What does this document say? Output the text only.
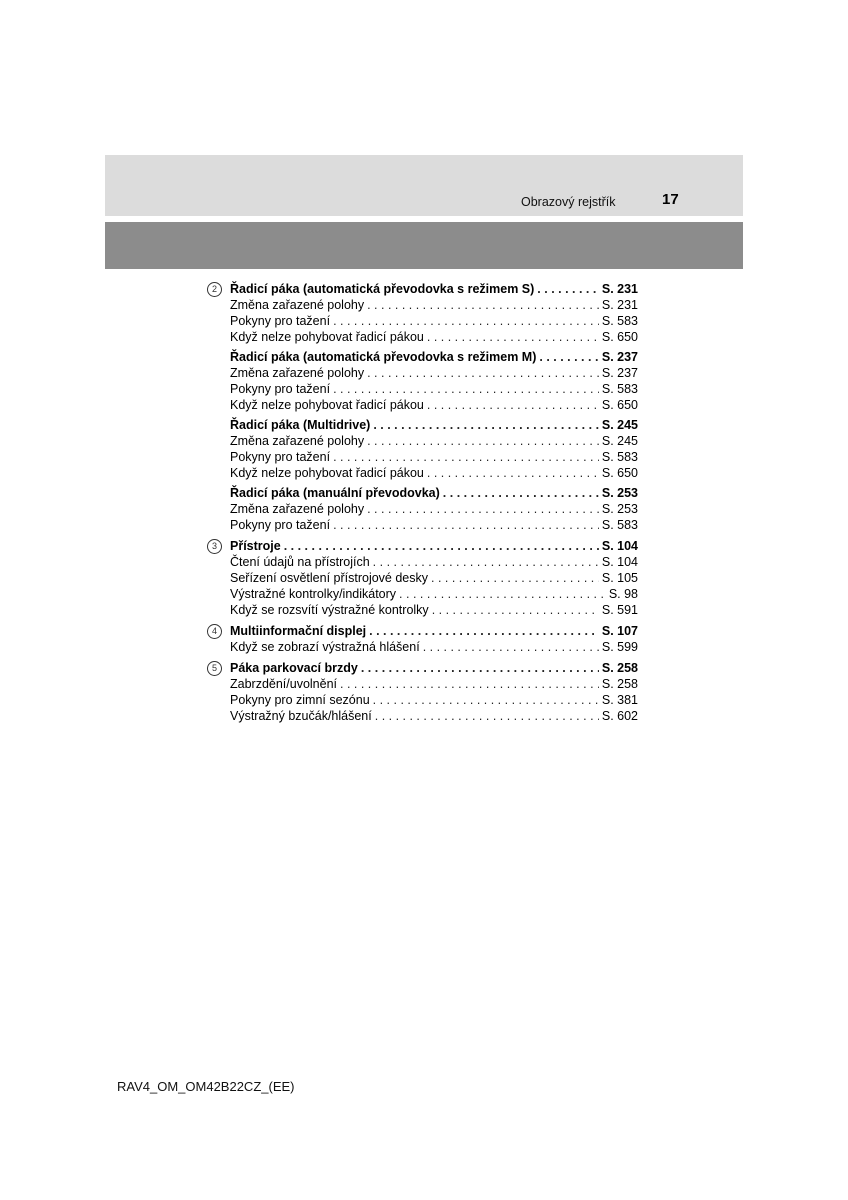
Obrazový rejstřík	17
2	Řadicí páka (automatická převodovka s režimem S) . . .	S. 231
Změna zařazené polohy . . .	S. 231
Pokyny pro tažení . . .	S. 583
Když nelze pohybovat řadicí pákou . . .	S. 650
Řadicí páka (automatická převodovka s režimem M) . . .	S. 237
Změna zařazené polohy . . .	S. 237
Pokyny pro tažení . . .	S. 583
Když nelze pohybovat řadicí pákou . . .	S. 650
Řadicí páka (Multidrive) . . .	S. 245
Změna zařazené polohy . . .	S. 245
Pokyny pro tažení . . .	S. 583
Když nelze pohybovat řadicí pákou . . .	S. 650
Řadicí páka (manuální převodovka) . . .	S. 253
Změna zařazené polohy . . .	S. 253
Pokyny pro tažení . . .	S. 583
3	Přístroje . . .	S. 104
Čtení údajů na přístrojích . . .	S. 104
Seřízení osvětlení přístrojové desky . . .	S. 105
Výstražné kontrolky/indikátory . . .	S. 98
Když se rozsvítí výstražné kontrolky . . .	S. 591
4	Multiinformační displej . . .	S. 107
Když se zobrazí výstražná hlášení . . .	S. 599
5	Páka parkovací brzdy . . .	S. 258
Zabrzdění/uvolnění . . .	S. 258
Pokyny pro zimní sezónu . . .	S. 381
Výstražný bzučák/hlášení . . .	S. 602
RAV4_OM_OM42B22CZ_(EE)
